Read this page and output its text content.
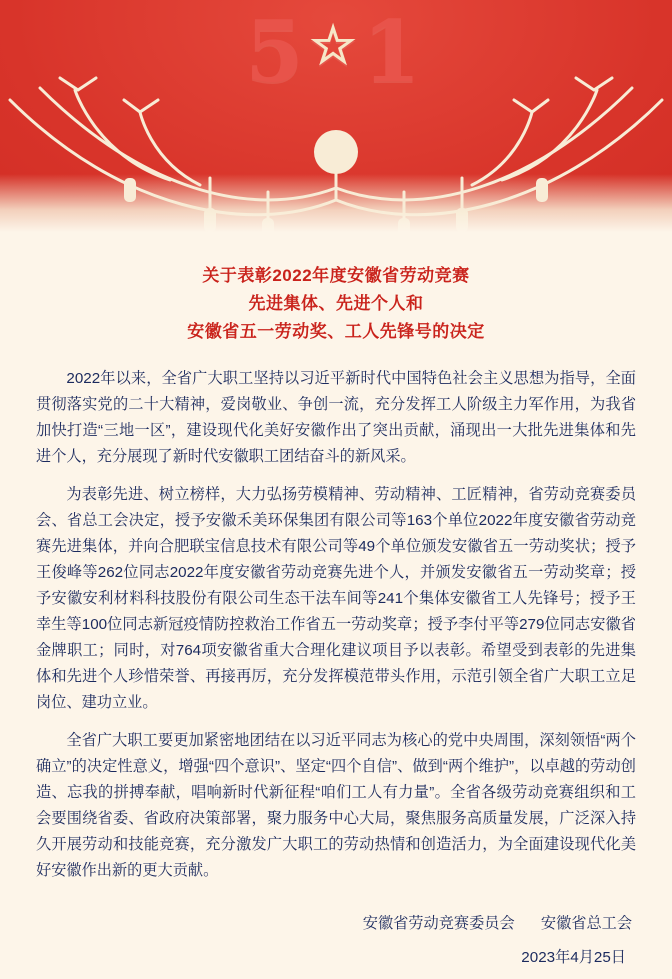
5☆1
关于表彰2022年度安徽省劳动竞赛
先进集体、先进个人和
安徽省五一劳动奖、工人先锋号的决定

2022年以来，全省广大职工坚持以习近平新时代中国特色社会主义思想为指导，全面贯彻落实党的二十大精神，爱岗敬业、争创一流，充分发挥工人阶级主力军作用，为我省加快打造“三地一区”，建设现代化美好安徽作出了突出贡献，涌现出一大批先进集体和先进个人，充分展现了新时代安徽职工团结奋斗的新风采。

为表彰先进、树立榜样，大力弘扬劳模精神、劳动精神、工匠精神，省劳动竞赛委员会、省总工会决定，授予安徽禾美环保集团有限公司等163个单位2022年度安徽省劳动竞赛先进集体，并向合肥联宝信息技术有限公司等49个单位颁发安徽省五一劳动奖状；授予王俊峰等262位同志2022年度安徽省劳动竞赛先进个人，并颁发安徽省五一劳动奖章；授予安徽安利材料科技股份有限公司生态干法车间等241个集体安徽省工人先锋号；授予王幸生等100位同志新冠疫情防控救治工作省五一劳动奖章；授予李付平等279位同志安徽省金牌职工；同时，对764项安徽省重大合理化建议项目予以表彰。希望受到表彰的先进集体和先进个人珍惜荣誉、再接再厉，充分发挥模范带头作用，示范引领全省广大职工立足岗位、建功立业。

全省广大职工要更加紧密地团结在以习近平同志为核心的党中央周围，深刻领悟“两个确立”的决定性意义，增强“四个意识”、坚定“四个自信”、做到“两个维护”，以卓越的劳动创造、忘我的拼搏奉献，唱响新时代新征程“咱们工人有力量”。全省各级劳动竞赛组织和工会要围绕省委、省政府决策部署，聚力服务中心大局，聚焦服务高质量发展，广泛深入持久开展劳动和技能竞赛，充分激发广大职工的劳动热情和创造活力，为全面建设现代化美好安徽作出新的更大贡献。

安徽省劳动竞赛委员会 安徽省总工会
2023年4月25日
